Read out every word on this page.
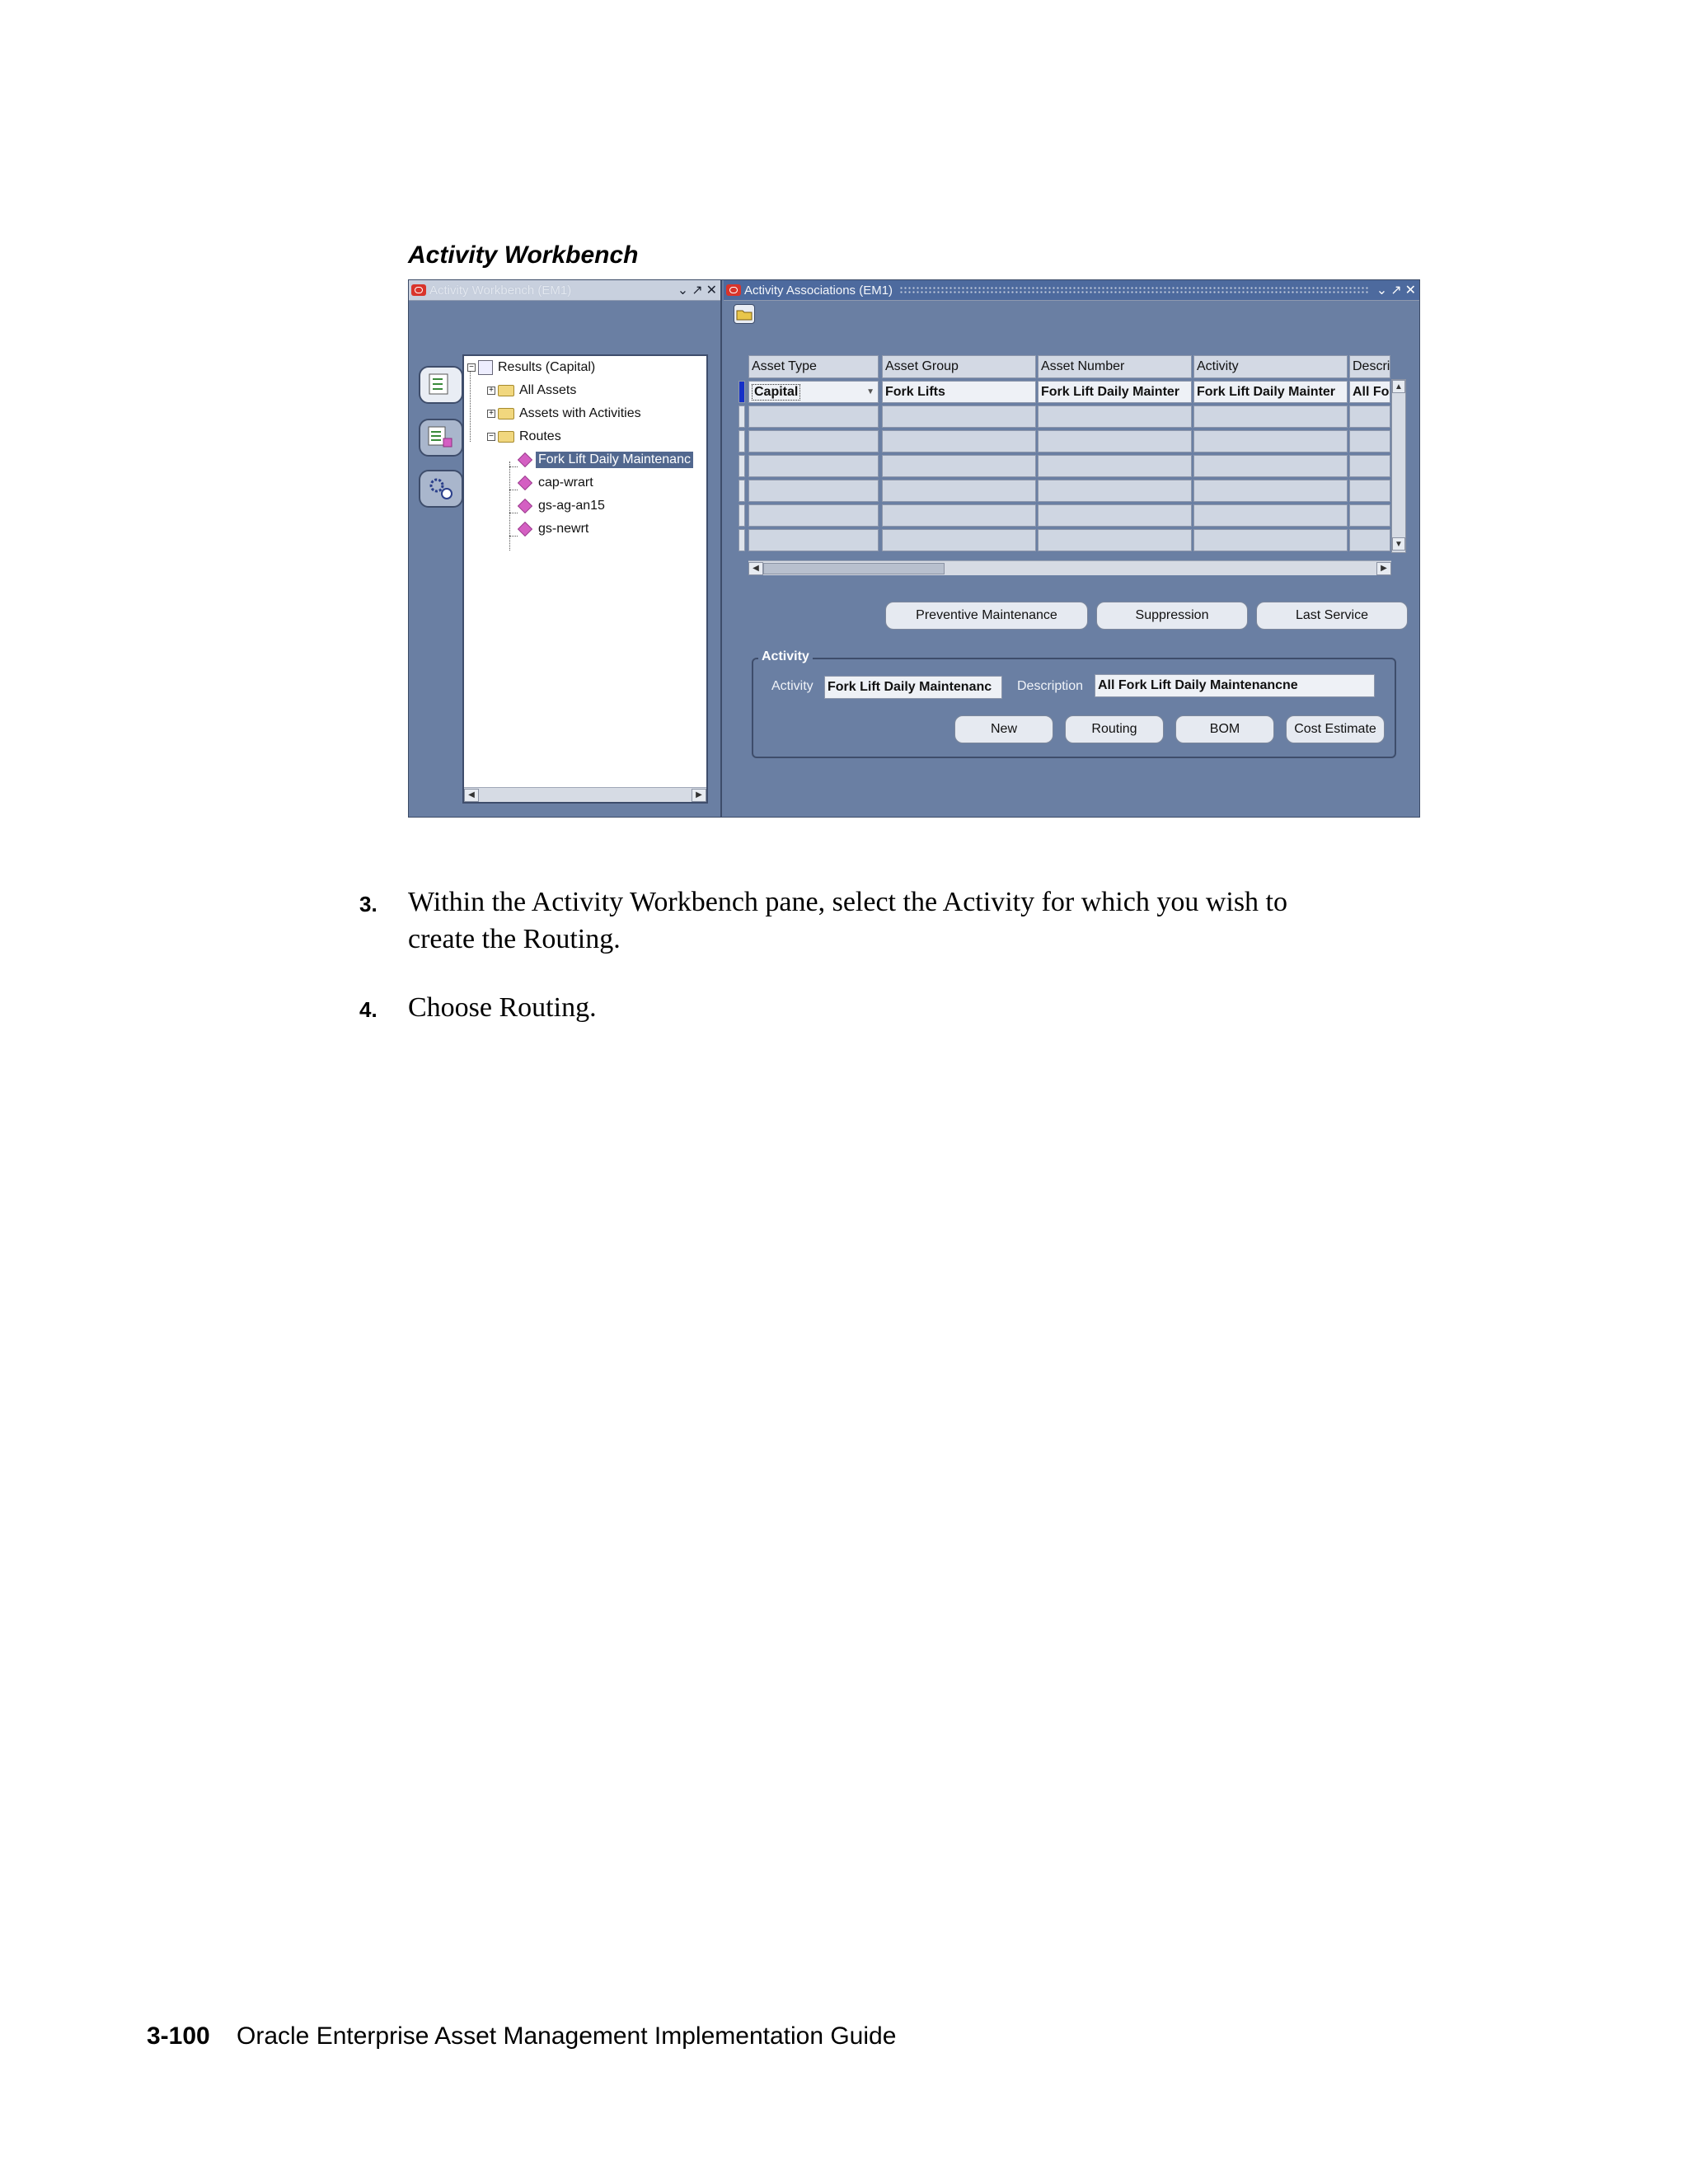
Activity Workbench
Activity Workbench (EM1)	⌄ ↗ ✕
− Results (Capital)
+ All Assets
+ Assets with Activities
− Routes
Fork Lift Daily Maintenanc
cap-wrart
gs-ag-an15
gs-newrt
◀	▶
Activity Associations (EM1)	⌄ ↗ ✕
Asset Type	Asset Group	Asset Number	Activity	Descri
Capital	▼ Fork Lifts	Fork Lift Daily Mainter	Fork Lift Daily Mainter	All Fo ▲
▼
◀	▶
Preventive Maintenance	Suppression	Last Service
Activity
Activity Fork Lift Daily Maintenanc	Description All Fork Lift Daily Maintenancne
New	Routing	BOM	Cost Estimate
3. Within the Activity Workbench pane, select the Activity for which you wish to
create the Routing.
4. Choose Routing.
3-100 Oracle Enterprise Asset Management Implementation Guide
